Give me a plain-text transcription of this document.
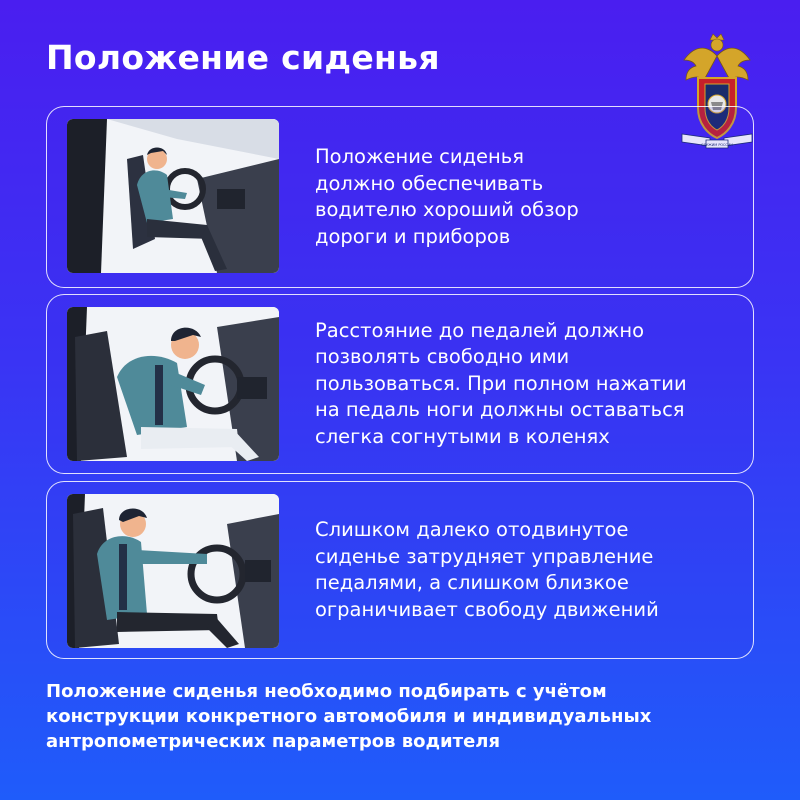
Положение сиденья
СЛУЖИМ РОССИИ
Положение сиденья
должно обеспечивать
водителю хороший обзор
дороги и приборов
Расстояние до педалей должно
позволять свободно ими
пользоваться. При полном нажатии
на педаль ноги должны оставаться
слегка согнутыми в коленях
Слишком далеко отодвинутое
сиденье затрудняет управление
педалями, а слишком близкое
ограничивает свободу движений
Положение сиденья необходимо подбирать с учётом
конструкции конкретного автомобиля и индивидуальных
антропометрических параметров водителя
